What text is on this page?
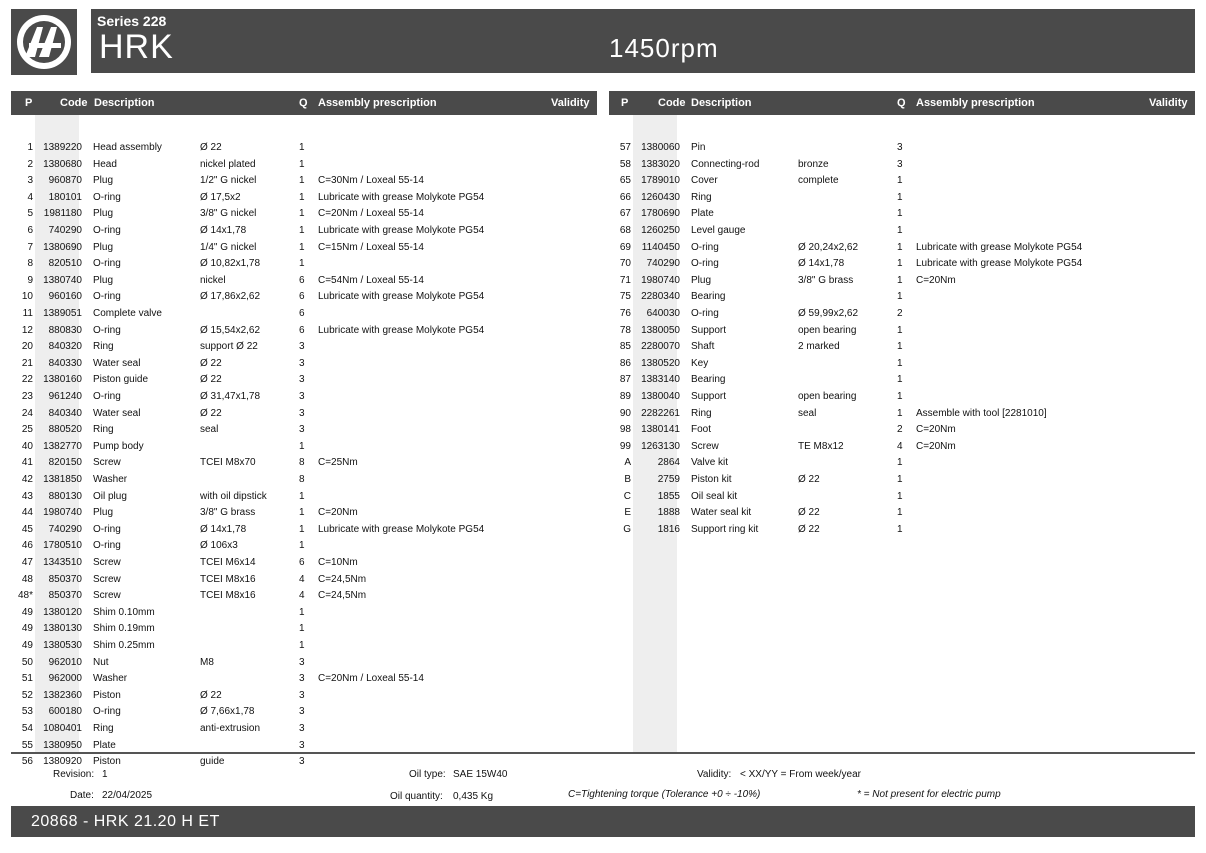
Series 228
HRK	1450rpm
P	Code Description	Q Assembly prescription	Validity
1	1389220 Head assembly	Ø 22	1
2	1380680 Head	nickel plated	1
3	960870 Plug	1/2" G nickel	1 C=30Nm / Loxeal 55-14
4	180101 O-ring	Ø 17,5x2	1 Lubricate with grease Molykote PG54
5	1981180 Plug	3/8" G nickel	1 C=20Nm / Loxeal 55-14
6	740290 O-ring	Ø 14x1,78	1 Lubricate with grease Molykote PG54
7	1380690 Plug	1/4" G nickel	1 C=15Nm / Loxeal 55-14
8	820510 O-ring	Ø 10,82x1,78	1
9	1380740 Plug	nickel	6 C=54Nm / Loxeal 55-14
10	960160 O-ring	Ø 17,86x2,62	6 Lubricate with grease Molykote PG54
11	1389051 Complete valve	6
12	880830 O-ring	Ø 15,54x2,62	6 Lubricate with grease Molykote PG54
20	840320 Ring	support Ø 22	3
21	840330 Water seal	Ø 22	3
22	1380160 Piston guide	Ø 22	3
23	961240 O-ring	Ø 31,47x1,78	3
24	840340 Water seal	Ø 22	3
25	880520 Ring	seal	3
40	1382770 Pump body	1
41	820150 Screw	TCEI M8x70	8 C=25Nm
42	1381850 Washer	8
43	880130 Oil plug	with oil dipstick	1
44	1980740 Plug	3/8" G brass	1 C=20Nm
45	740290 O-ring	Ø 14x1,78	1 Lubricate with grease Molykote PG54
46	1780510 O-ring	Ø 106x3	1
47	1343510 Screw	TCEI M6x14	6 C=10Nm
48	850370 Screw	TCEI M8x16	4 C=24,5Nm
48*	850370 Screw	TCEI M8x16	4 C=24,5Nm
49	1380120 Shim 0.10mm	1
49	1380130 Shim 0.19mm	1
49	1380530 Shim 0.25mm	1
50	962010 Nut	M8	3
51	962000 Washer	3 C=20Nm / Loxeal 55-14
52	1382360 Piston	Ø 22	3
53	600180 O-ring	Ø 7,66x1,78	3
54	1080401 Ring	anti-extrusion	3
55	1380950 Plate	3
56	1380920 Piston	guide	3
P	Code Description	Q Assembly prescription	Validity
57	1380060 Pin	3
58	1383020 Connecting-rod	bronze	3
65	1789010 Cover	complete	1
66	1260430 Ring	1
67	1780690 Plate	1
68	1260250 Level gauge	1
69	1140450 O-ring	Ø 20,24x2,62	1 Lubricate with grease Molykote PG54
70	740290 O-ring	Ø 14x1,78	1 Lubricate with grease Molykote PG54
71	1980740 Plug	3/8" G brass	1 C=20Nm
75	2280340 Bearing	1
76	640030 O-ring	Ø 59,99x2,62	2
78	1380050 Support	open bearing	1
85	2280070 Shaft	2 marked	1
86	1380520 Key	1
87	1383140 Bearing	1
89	1380040 Support	open bearing	1
90	2282261 Ring	seal	1 Assemble with tool [2281010]
98	1380141 Foot	2 C=20Nm
99	1263130 Screw	TE M8x12	4 C=20Nm
A	2864 Valve kit	1
B	2759 Piston kit	Ø 22	1
C	1855 Oil seal kit	1
E	1888 Water seal kit	Ø 22	1
G	1816 Support ring kit	Ø 22	1
Revision: 1
Date: 22/04/2025
Oil type: SAE 15W40
Oil quantity: 0,435 Kg
Validity: < XX/YY = From week/year
C=Tightening torque (Tolerance +0 ÷ -10%)	* = Not present for electric pump
20868 - HRK 21.20 H ET
